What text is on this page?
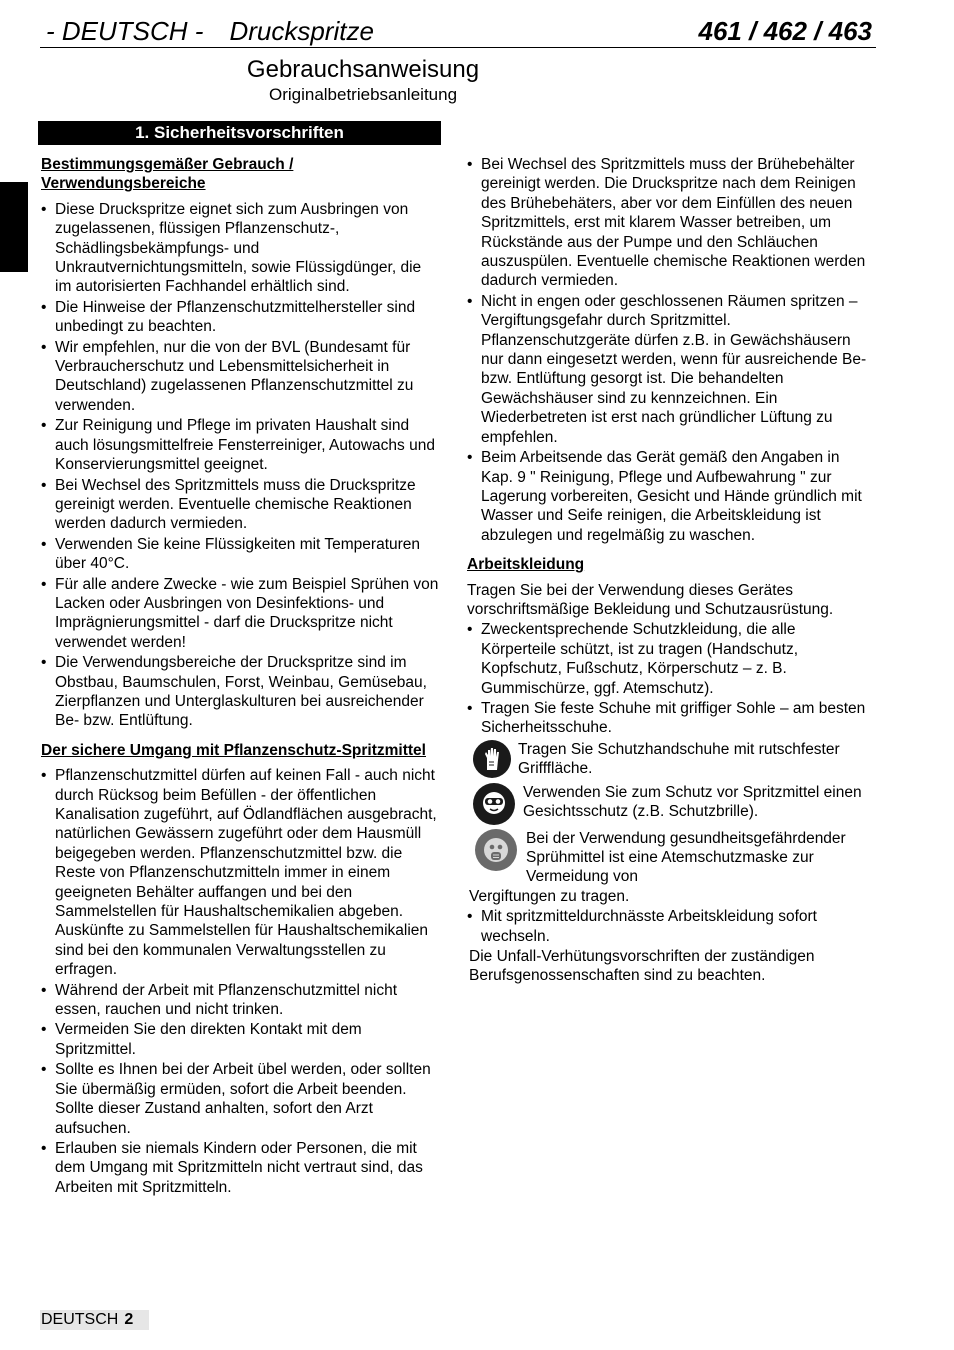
- DEUTSCH - Druckspritze	461 / 462 / 463
Gebrauchsanweisung
Originalbetriebsanleitung
1. Sicherheitsvorschriften

Bestimmungsgemäßer Gebrauch / Verwendungsbereiche

• Diese Druckspritze eignet sich zum Ausbringen von zugelassenen, flüssigen Pflanzenschutz-, Schädlingsbekämpfungs- und Unkrautvernichtungsmitteln, sowie Flüssigdünger, die im autorisierten Fachhandel erhältlich sind.
• Die Hinweise der Pflanzenschutzmittelhersteller sind unbedingt zu beachten.
• Wir empfehlen, nur die von der BVL (Bundesamt für Verbraucherschutz und Lebensmittelsicherheit in Deutschland) zugelassenen Pflanzenschutzmittel zu verwenden.
• Zur Reinigung und Pflege im privaten Haushalt sind auch lösungsmittelfreie Fensterreiniger, Autowachs und Konservierungsmittel geeignet.
• Bei Wechsel des Spritzmittels muss die Druckspritze gereinigt werden. Eventuelle chemische Reaktionen werden dadurch vermieden.
• Verwenden Sie keine Flüssigkeiten mit Temperaturen über 40°C.
• Für alle andere Zwecke - wie zum Beispiel Sprühen von Lacken oder Ausbringen von Desinfektions- und Imprägnierungsmittel - darf die Druckspritze nicht verwendet werden!
• Die Verwendungsbereiche der Druckspritze sind im Obstbau, Baumschulen, Forst, Weinbau, Gemüsebau, Zierpflanzen und Unterglaskulturen bei ausreichender Be- bzw. Entlüftung.

Der sichere Umgang mit Pflanzenschutz-Spritzmittel

• Pflanzenschutzmittel dürfen auf keinen Fall - auch nicht durch Rücksog beim Befüllen - der öffentlichen Kanalisation zugeführt, auf Ödlandflächen ausgebracht, natürlichen Gewässern zugeführt oder dem Hausmüll beigegeben werden. Pflanzenschutzmittel bzw. die Reste von Pflanzenschutzmitteln immer in einem geeigneten Behälter auffangen und bei den Sammelstellen für Haushaltschemikalien abgeben. Auskünfte zu Sammelstellen für Haushaltschemikalien sind bei den kommunalen Verwaltungsstellen zu erfragen.
• Während der Arbeit mit Pflanzenschutzmittel nicht essen, rauchen und nicht trinken.
• Vermeiden Sie den direkten Kontakt mit dem Spritzmittel.
• Sollte es Ihnen bei der Arbeit übel werden, oder sollten Sie übermäßig ermüden, sofort die Arbeit beenden. Sollte dieser Zustand anhalten, sofort den Arzt aufsuchen.
• Erlauben sie niemals Kindern oder Personen, die mit dem Umgang mit Spritzmitteln nicht vertraut sind, das Arbeiten mit Spritzmitteln.
• Bei Wechsel des Spritzmittels muss der Brühebehälter gereinigt werden. Die Druckspritze nach dem Reinigen des Brühebehäters, aber vor dem Einfüllen des neuen Spritzmittels, erst mit klarem Wasser betreiben, um Rückstände aus der Pumpe und den Schläuchen auszuspülen. Eventuelle chemische Reaktionen werden dadurch vermieden.
• Nicht in engen oder geschlossenen Räumen spritzen – Vergiftungsgefahr durch Spritzmittel. Pflanzenschutzgeräte dürfen z.B. in Gewächshäusern nur dann eingesetzt werden, wenn für ausreichende Be- bzw. Entlüftung gesorgt ist. Die behandelten Gewächshäuser sind zu kennzeichnen. Ein Wiederbetreten ist erst nach gründlicher Lüftung zu empfehlen.
• Beim Arbeitsende das Gerät gemäß den Angaben in Kap. 9 " Reinigung, Pflege und Aufbewahrung " zur Lagerung vorbereiten, Gesicht und Hände gründlich mit Wasser und Seife reinigen, die Arbeitskleidung ist abzulegen und regelmäßig zu waschen.

Arbeitskleidung

Tragen Sie bei der Verwendung dieses Gerätes vorschriftsmäßige Bekleidung und Schutzausrüstung.

• Zweckentsprechende Schutzkleidung, die alle Körperteile schützt, ist zu tragen (Handschutz, Kopfschutz, Fußschutz, Körperschutz – z. B. Gummischürze, ggf. Atemschutz).
• Tragen Sie feste Schuhe mit griffiger Sohle – am besten Sicherheitsschuhe.

Tragen Sie Schutzhandschuhe mit rutschfester Grifffläche.

Verwenden Sie zum Schutz vor Spritzmittel einen Gesichtsschutz (z.B. Schutzbrille).

Bei der Verwendung gesundheitsgefährdender Sprühmittel ist eine Atemschutzmaske zur Vermeidung von

Vergiftungen zu tragen.

• Mit spritzmitteldurchnässte Arbeitskleidung sofort wechseln.

Die Unfall-Verhütungsvorschriften der zuständigen Berufsgenossenschaften sind zu beachten.

DEUTSCH 2
